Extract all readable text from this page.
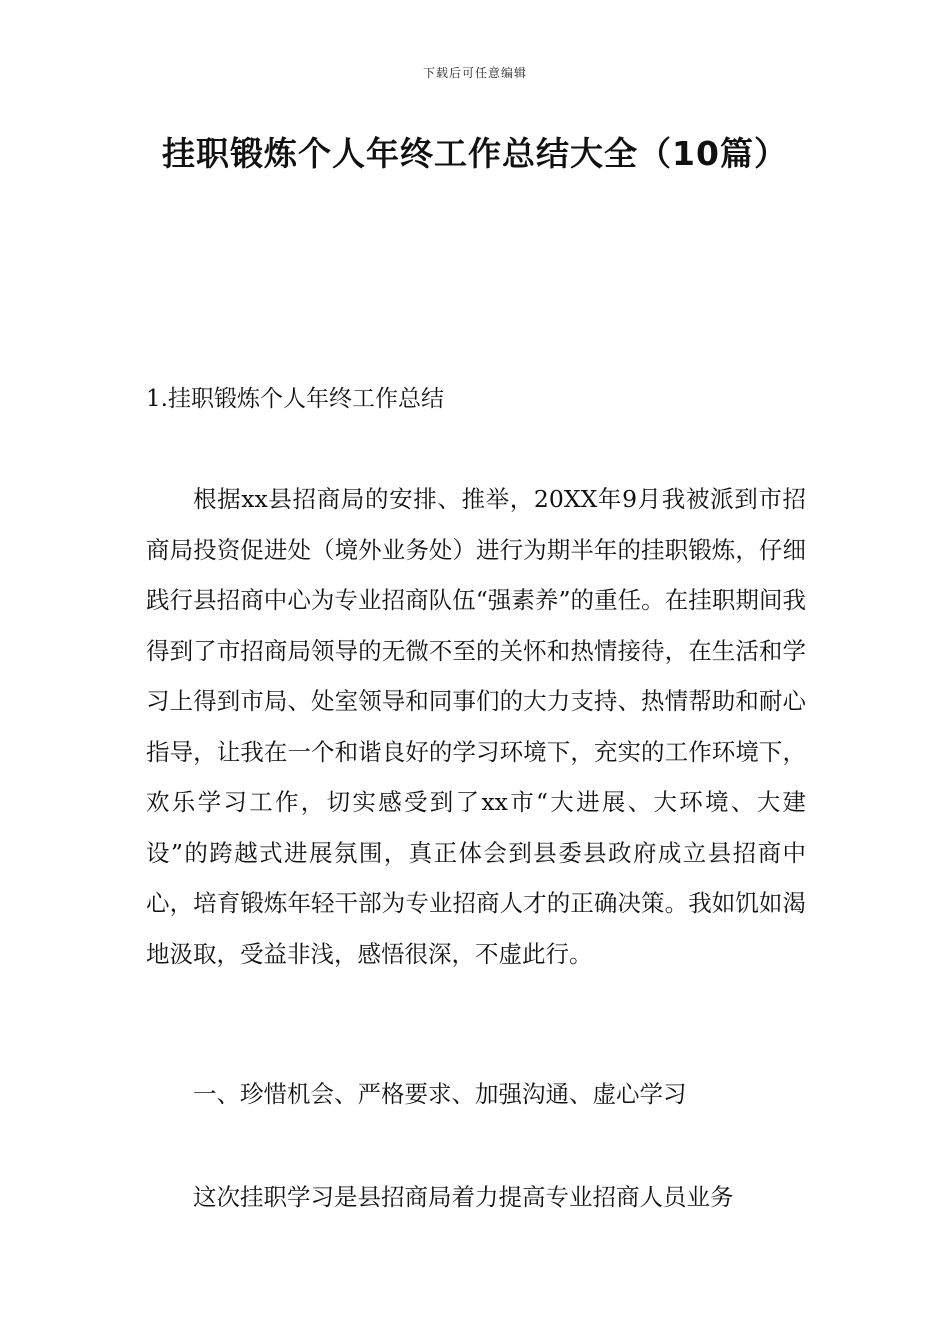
下载后可任意编辑
挂职锻炼个人年终工作总结大全（10篇）
1.挂职锻炼个人年终工作总结

根据xx县招商局的安排、推举，20XX年9月我被派到市招商局投资促进处（境外业务处）进行为期半年的挂职锻炼，仔细践行县招商中心为专业招商队伍“强素养”的重任。在挂职期间我得到了市招商局领导的无微不至的关怀和热情接待，在生活和学习上得到市局、处室领导和同事们的大力支持、热情帮助和耐心指导，让我在一个和谐良好的学习环境下，充实的工作环境下，欢乐学习工作，切实感受到了xx市“大进展、大环境、大建设”的跨越式进展氛围，真正体会到县委县政府成立县招商中心，培育锻炼年轻干部为专业招商人才的正确决策。我如饥如渴地汲取，受益非浅，感悟很深，不虚此行。

一、珍惜机会、严格要求、加强沟通、虚心学习

这次挂职学习是县招商局着力提高专业招商人员业务
